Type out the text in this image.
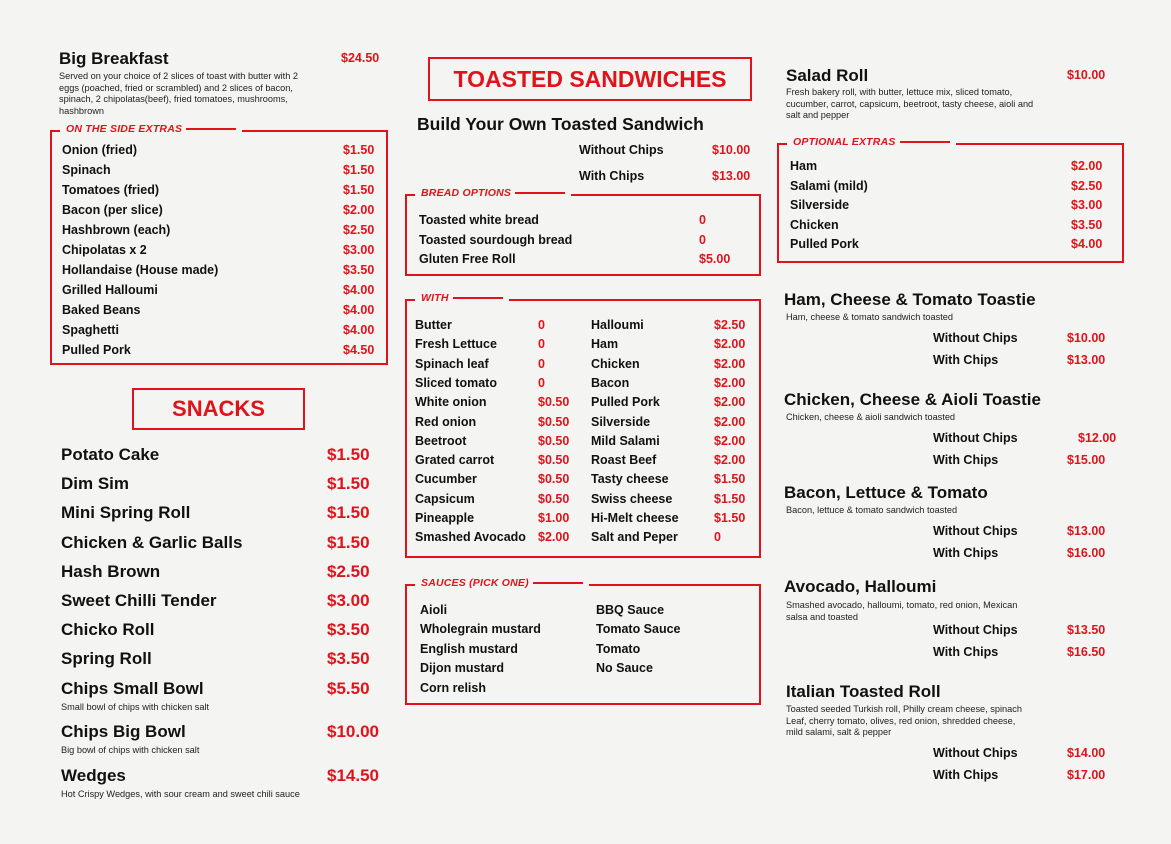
Big Breakfast	$24.50
Served on your choice of 2 slices of toast with butter with 2 eggs (poached, fried or scrambled) and 2 slices of bacon, spinach, 2 chipolatas(beef), fried tomatoes, mushrooms, hashbrown
ON THE SIDE EXTRAS
SNACKS
TOASTED SANDWICHES
Build Your Own Toasted Sandwich
Without Chips	$10.00
With Chips	$13.00
BREAD OPTIONS
WITH
SAUCES (PICK ONE)
Salad Roll	$10.00
Fresh bakery roll, with butter, lettuce mix, sliced tomato, cucumber, carrot, capsicum, beetroot, tasty cheese, aioli and salt and pepper
OPTIONAL EXTRAS
Onion (fried)	$1.50
Spinach	$1.50
Tomatoes (fried)	$1.50
Bacon (per slice)	$2.00
Hashbrown (each)	$2.50
Chipolatas x 2	$3.00
Hollandaise (House made)	$3.50
Grilled Halloumi	$4.00
Baked Beans	$4.00
Spaghetti	$4.00
Pulled Pork	$4.50
Potato Cake	$1.50
Dim Sim	$1.50
Mini Spring Roll	$1.50
Chicken & Garlic Balls	$1.50
Hash Brown	$2.50
Sweet Chilli Tender	$3.00
Chicko Roll	$3.50
Spring Roll	$3.50
Chips Small Bowl	$5.50
Small bowl of chips with chicken salt
Chips Big Bowl	$10.00
Big bowl of chips with chicken salt
Wedges	$14.50
Hot Crispy Wedges, with sour cream and sweet chili sauce
Toasted white bread	0
Toasted sourdough bread	0
Gluten Free Roll	$5.00
Butter	0
Fresh Lettuce	0
Spinach leaf	0
Sliced tomato	0
White onion	$0.50
Red onion	$0.50
Beetroot	$0.50
Grated carrot	$0.50
Cucumber	$0.50
Capsicum	$0.50
Pineapple	$1.00
Smashed Avocado $2.00
Halloumi	$2.50
Ham	$2.00
Chicken	$2.00
Bacon	$2.00
Pulled Pork	$2.00
Silverside	$2.00
Mild Salami	$2.00
Roast Beef	$2.00
Tasty cheese	$1.50
Swiss cheese	$1.50
Hi-Melt cheese	$1.50
Salt and Peper	0
Aioli
Wholegrain mustard
English mustard
Dijon mustard
Corn relish
BBQ Sauce
Tomato Sauce
Tomato
No Sauce
Ham	$2.00
Salami (mild)	$2.50
Silverside	$3.00
Chicken	$3.50
Pulled Pork	$4.00
Ham, Cheese & Tomato Toastie
Ham, cheese & tomato sandwich toasted
Without Chips	$10.00
With Chips	$13.00
Chicken, Cheese & Aioli Toastie
Chicken, cheese & aioli sandwich toasted
Without Chips	$12.00
With Chips	$15.00
Bacon, Lettuce & Tomato
Bacon, lettuce & tomato sandwich toasted
Without Chips	$13.00
With Chips	$16.00
Avocado, Halloumi
Smashed avocado, halloumi, tomato, red onion, Mexican salsa and toasted
Without Chips	$13.50
With Chips	$16.50
Italian Toasted Roll
Toasted seeded Turkish roll, Philly cream cheese, spinach Leaf, cherry tomato, olives, red onion, shredded cheese, mild salami, salt & pepper
Without Chips	$14.00
With Chips	$17.00
